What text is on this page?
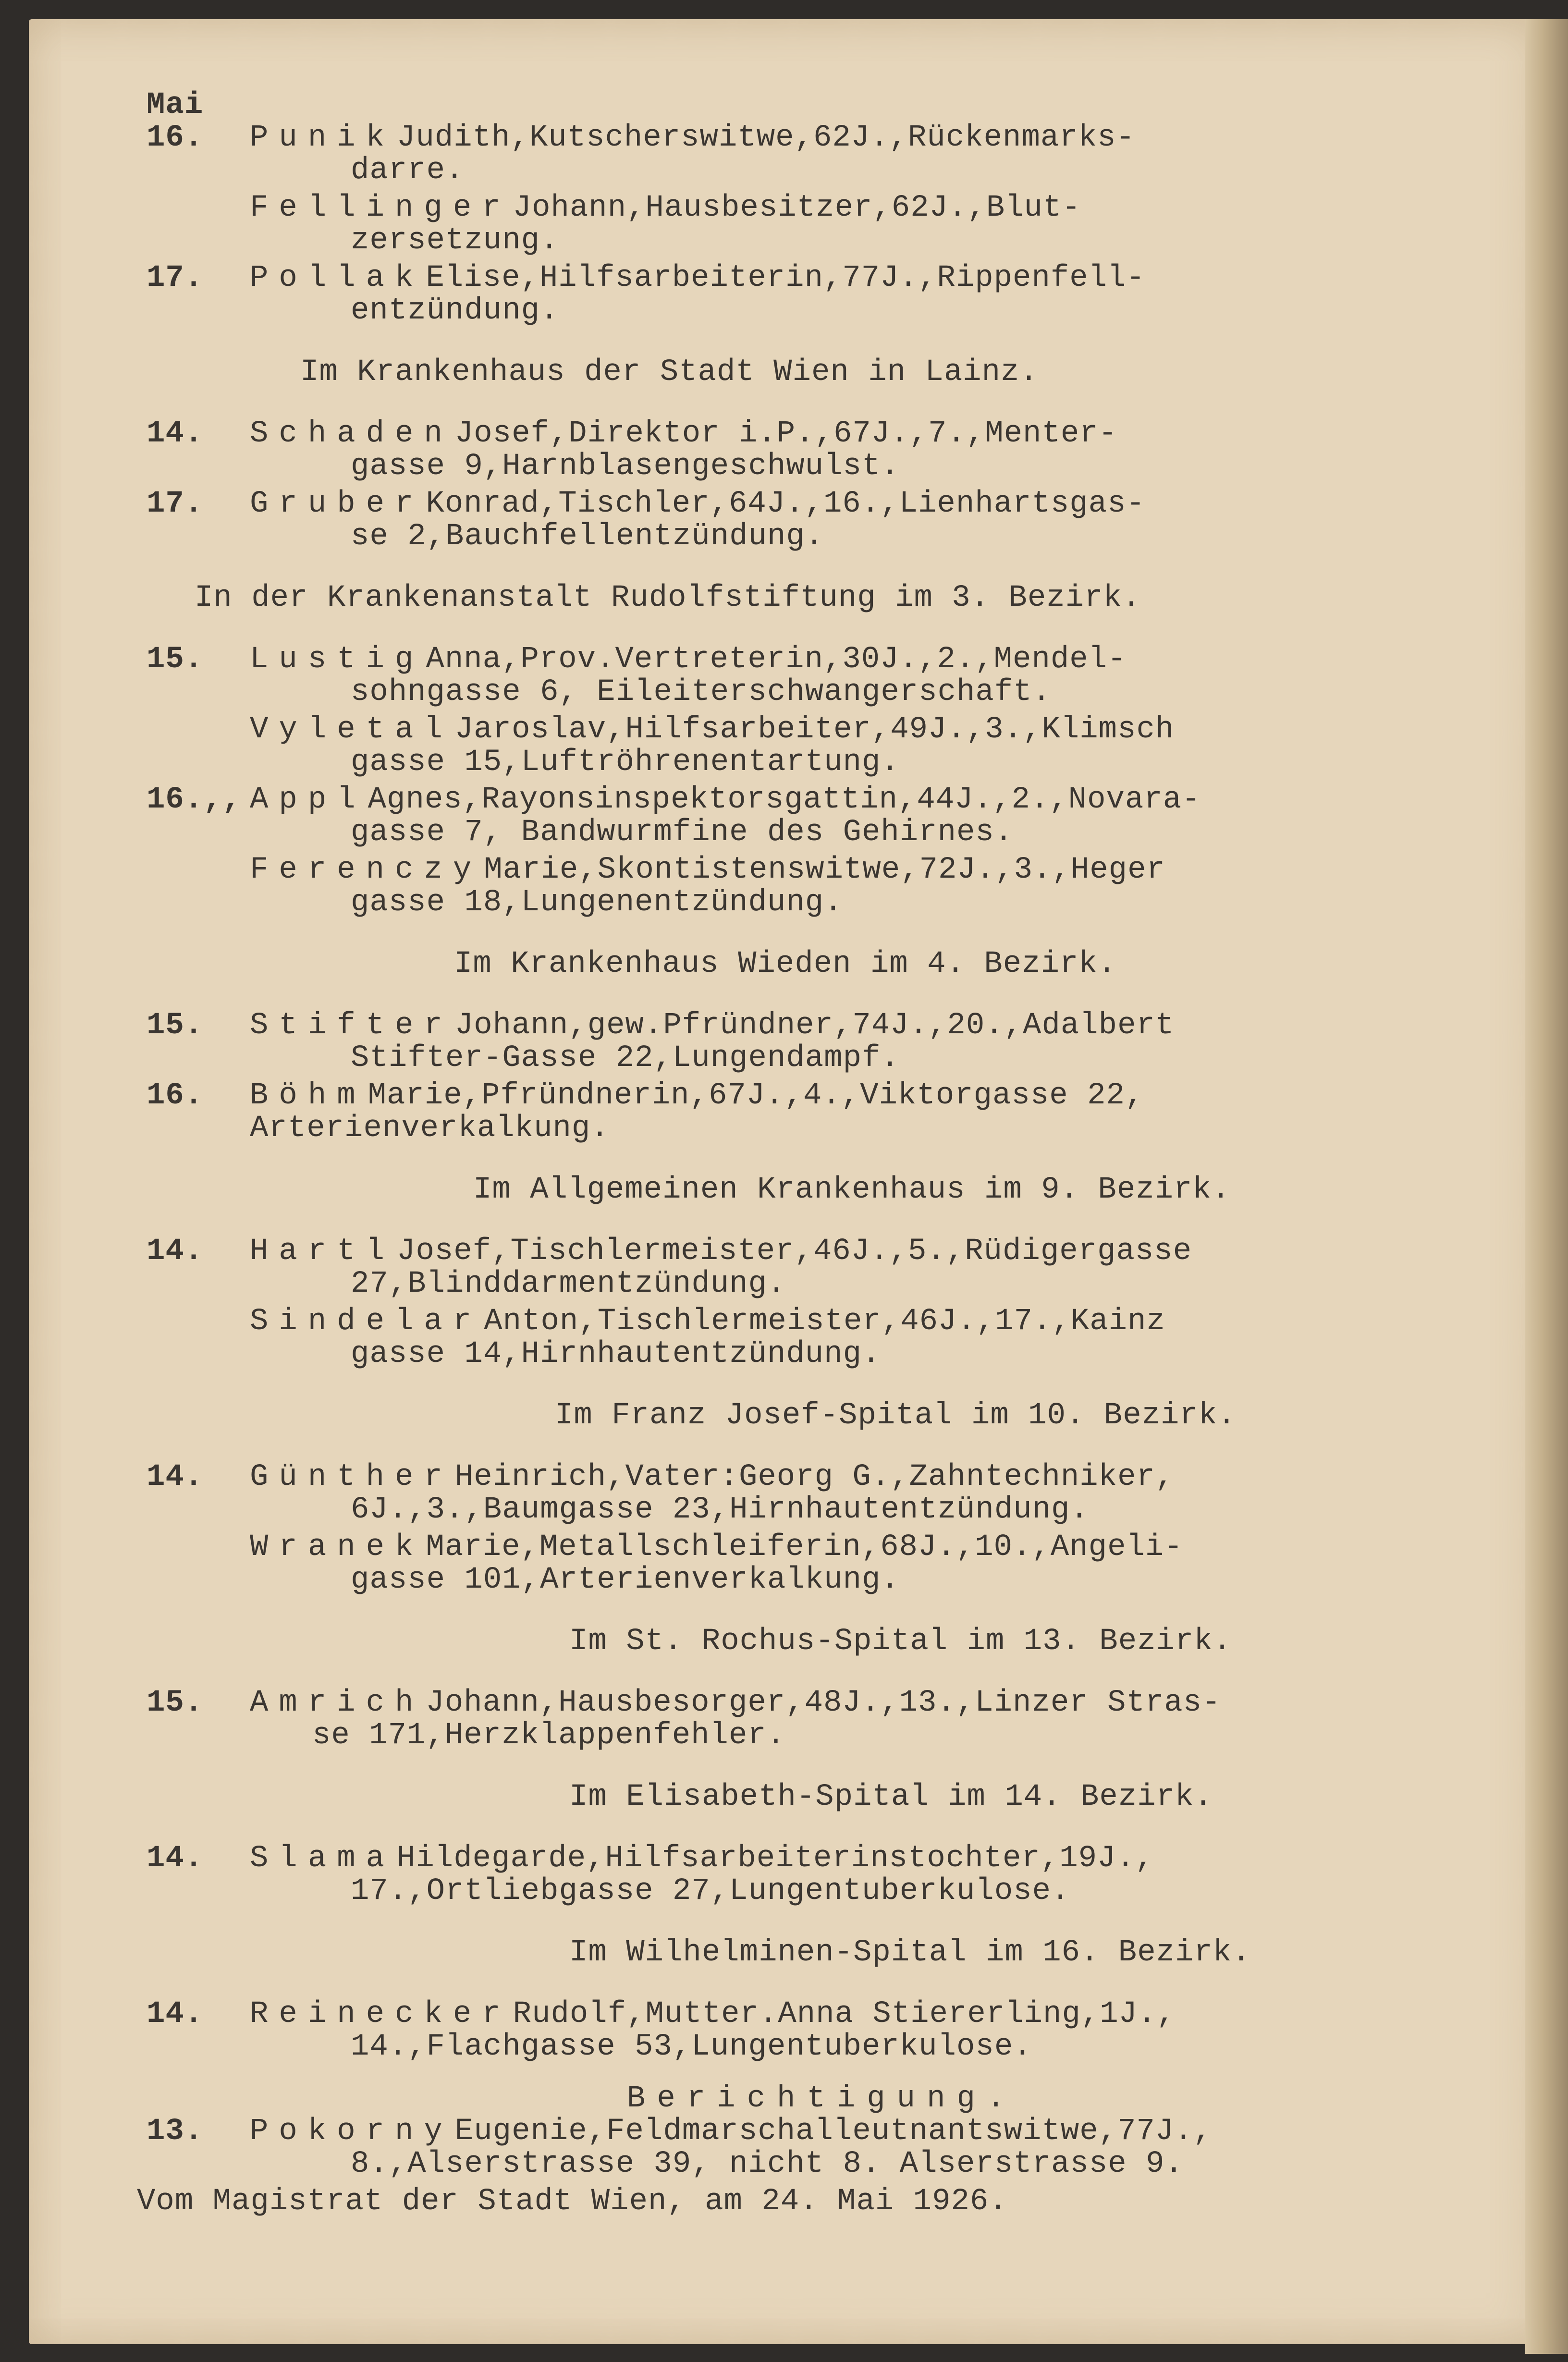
Mai
16.	PunikJudith,Kutscherswitwe,62J.,Rückenmarks-
darre.
FellingerJohann,Hausbesitzer,62J.,Blut-
zersetzung.
17.	PollakElise,Hilfsarbeiterin,77J.,Rippenfell-
entzündung.
Im Krankenhaus der Stadt Wien in Lainz.
14.	SchadenJosef,Direktor i.P.,67J.,7.,Menter-
gasse 9,Harnblasengeschwulst.
17.	GruberKonrad,Tischler,64J.,16.,Lienhartsgas-
se 2,Bauchfellentzündung.
In der Krankenanstalt Rudolfstiftung im 3. Bezirk.
15.	LustigAnna,Prov.Vertreterin,30J.,2.,Mendel-
sohngasse 6, Eileiterschwangerschaft.
VyletalJaroslav,Hilfsarbeiter,49J.,3.,Klimsch
gasse 15,Luftröhrenentartung.
16.,, ApplAgnes,Rayonsinspektorsgattin,44J.,2.,Novara-
gasse 7, Bandwurmfine des Gehirnes.
FerenczyMarie,Skontistenswitwe,72J.,3.,Heger
gasse 18,Lungenentzündung.
Im Krankenhaus Wieden im 4. Bezirk.
15.	StifterJohann,gew.Pfründner,74J.,20.,Adalbert
Stifter-Gasse 22,Lungendampf.
16.	BöhmMarie,Pfründnerin,67J.,4.,Viktorgasse 22,
Arterienverkalkung.
Im Allgemeinen Krankenhaus im 9. Bezirk.
14.	HartlJosef,Tischlermeister,46J.,5.,Rüdigergasse
27,Blinddarmentzündung.
SindelarAnton,Tischlermeister,46J.,17.,Kainz
gasse 14,Hirnhautentzündung.
Im Franz Josef-Spital im 10. Bezirk.
14.	GüntherHeinrich,Vater:Georg G.,Zahntechniker,
6J.,3.,Baumgasse 23,Hirnhautentzündung.
WranekMarie,Metallschleiferin,68J.,10.,Angeli-
gasse 101,Arterienverkalkung.
Im St. Rochus-Spital im 13. Bezirk.
15.	AmrichJohann,Hausbesorger,48J.,13.,Linzer Stras-
se 171,Herzklappenfehler.
Im Elisabeth-Spital im 14. Bezirk.
14.	SlamaHildegarde,Hilfsarbeiterinstochter,19J.,
17.,Ortliebgasse 27,Lungentuberkulose.
Im Wilhelminen-Spital im 16. Bezirk.
14.	ReineckerRudolf,Mutter.Anna Stiererling,1J.,
14.,Flachgasse 53,Lungentuberkulose.
Berichtigung.
13.	PokornyEugenie,Feldmarschalleutnantswitwe,77J.,
8.,Alserstrasse 39, nicht 8. Alserstrasse 9.
Vom Magistrat der Stadt Wien, am 24. Mai 1926.
